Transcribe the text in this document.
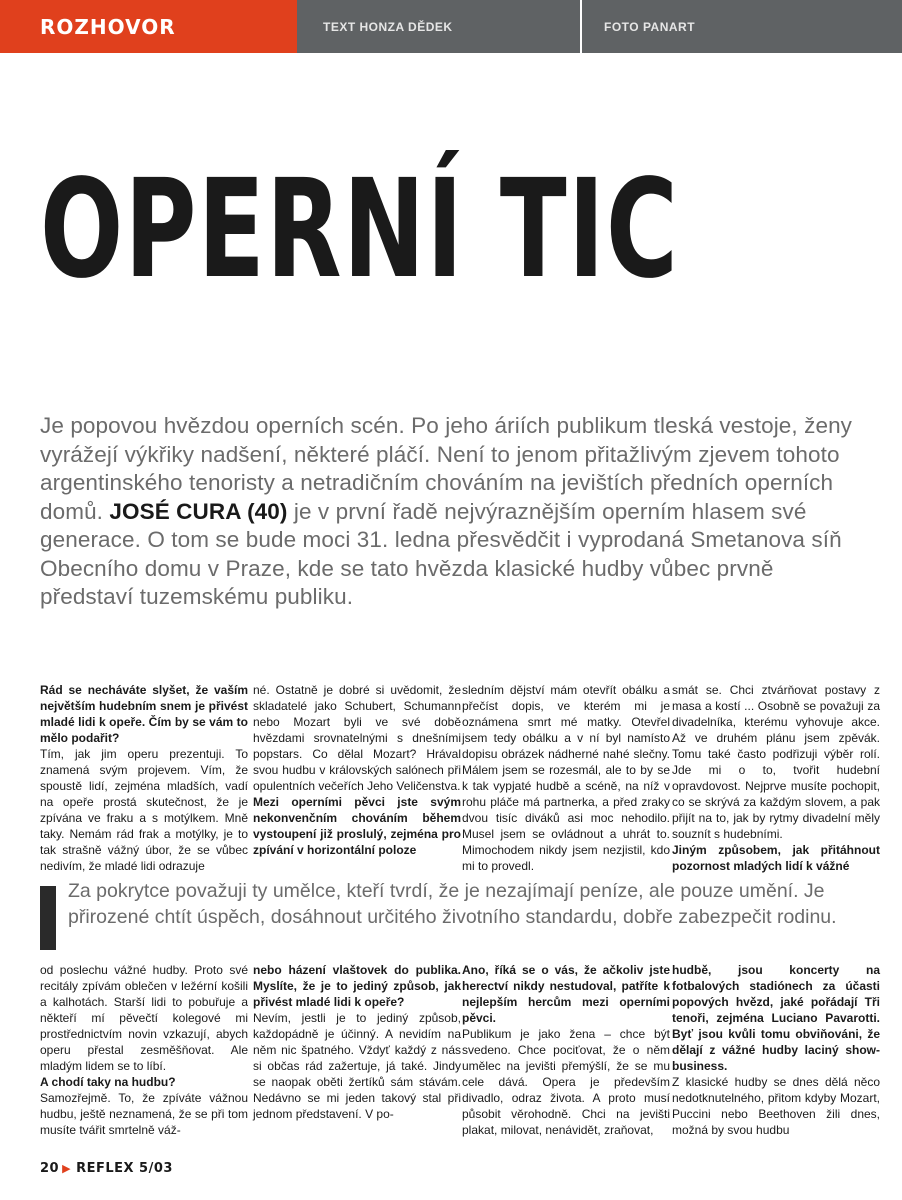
ROZHOVOR	TEXT HONZA DĚDEK	FOTO PANART
OPERNÍ TIC
Je popovou hvězdou operních scén. Po jeho áriích publikum tleská vestoje, ženy vyrážejí výkřiky nadšení, některé pláčí. Není to jenom přitažlivým zjevem tohoto argentinského tenoristy a netradičním chováním na jevištích předních operních domů. JOSÉ CURA (40) je v první řadě nejvýraznějším operním hlasem své generace. O tom se bude moci 31. ledna přesvědčit i vyprodaná Smetanova síň Obecního domu v Praze, kde se tato hvězda klasické hudby vůbec prvně představí tuzemskému publiku.

Rád se necháváte slyšet, že vaším největším hudebním snem je přivést mladé lidi k opeře. Čím by se vám to mělo podařit?

Tím, jak jim operu prezentuji. To znamená svým projevem. Vím, že spoustě lidí, zejména mladších, vadí na opeře prostá skutečnost, že je zpívána ve fraku a s motýlkem. Mně taky. Nemám rád frak a motýlky, je to tak strašně vážný úbor, že se vůbec nedivím, že mladé lidi odrazuje

né. Ostatně je dobré si uvědomit, že skladatelé jako Schubert, Schumann nebo Mozart byli ve své době hvězdami srovnatelnými s dnešními popstars. Co dělal Mozart? Hrával svou hudbu v královských salónech při opulentních večeřích Jeho Veličenstva.

Mezi operními pěvci jste svým nekonvenčním chováním během vystoupení již proslulý, zejména pro zpívání v horizontální poloze

sledním dějství mám otevřít obálku a přečíst dopis, ve kterém mi je oznámena smrt mé matky. Otevřel jsem tedy obálku a v ní byl namísto dopisu obrázek nádherné nahé slečny. Málem jsem se rozesmál, ale to by se k tak vypjaté hudbě a scéně, na níž v rohu pláče má partnerka, a před zraky dvou tisíc diváků asi moc nehodilo. Musel jsem se ovládnout a uhrát to. Mimochodem nikdy jsem nezjistil, kdo mi to provedl.

smát se. Chci ztvárňovat postavy z masa a kostí ... Osobně se považuji za divadelníka, kterému vyhovuje akce. Až ve druhém plánu jsem zpěvák. Tomu také často podřizuji výběr rolí. Jde mi o to, tvořit hudební opravdovost. Nejprve musíte pochopit, co se skrývá za každým slovem, a pak přijít na to, jak by rytmy divadelní měly souznít s hudebními.

Jiným způsobem, jak přitáhnout pozornost mladých lidí k vážné

Za pokrytce považuji ty umělce, kteří tvrdí, že je nezajímají peníze, ale pouze umění. Je přirozené chtít úspěch, dosáhnout určitého životního standardu, dobře zabezpečit rodinu.

od poslechu vážné hudby. Proto své recitály zpívám oblečen v ležérní košili a kalhotách. Starší lidi to pobuřuje a někteří mí pěvečtí kolegové mi prostřednictvím novin vzkazují, abych operu přestal zesměšňovat. Ale mladým lidem se to líbí.

A chodí taky na hudbu?

Samozřejmě. To, že zpíváte vážnou hudbu, ještě neznamená, že se při tom musíte tvářit smrtelně váž-

nebo házení vlaštovek do publika. Myslíte, že je to jediný způsob, jak přivést mladé lidi k opeře?

Nevím, jestli je to jediný způsob, každopádně je účinný. A nevidím na něm nic špatného. Vždyť každý z nás si občas rád zažertuje, já také. Jindy se naopak oběti žertíků sám stávám. Nedávno se mi jeden takový stal při jednom představení. V po-

Ano, říká se o vás, že ačkoliv jste herectví nikdy nestudoval, patříte k nejlepším hercům mezi operními pěvci.

Publikum je jako žena – chce být svedeno. Chce pociťovat, že o něm umělec na jevišti přemýšlí, že se mu cele dává. Opera je především divadlo, odraz života. A proto musí působit věrohodně. Chci na jevišti plakat, milovat, nenávidět, zraňovat,

hudbě, jsou koncerty na fotbalových stadiónech za účasti popových hvězd, jaké pořádají Tři tenoři, zejména Luciano Pavarotti. Byť jsou kvůli tomu obviňováni, že dělají z vážné hudby laciný show-business.

Z klasické hudby se dnes dělá něco nedotknutelného, přitom kdyby Mozart, Puccini nebo Beethoven žili dnes, možná by svou hudbu

20 ▶ REFLEX 5/03
